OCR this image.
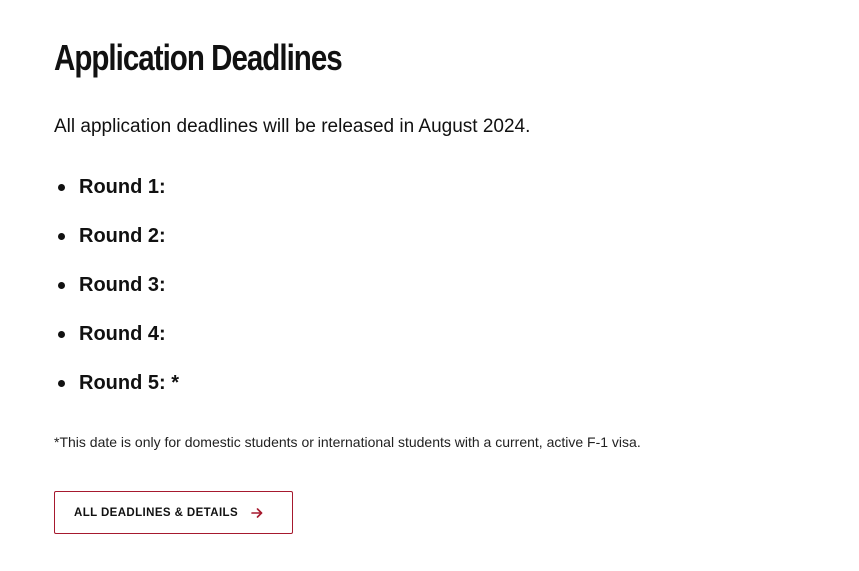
Application Deadlines

All application deadlines will be released in August 2024.

Round 1:
Round 2:
Round 3:
Round 4:
Round 5: *

*This date is only for domestic students or international students with a current, active F-1 visa.

ALL DEADLINES & DETAILS
